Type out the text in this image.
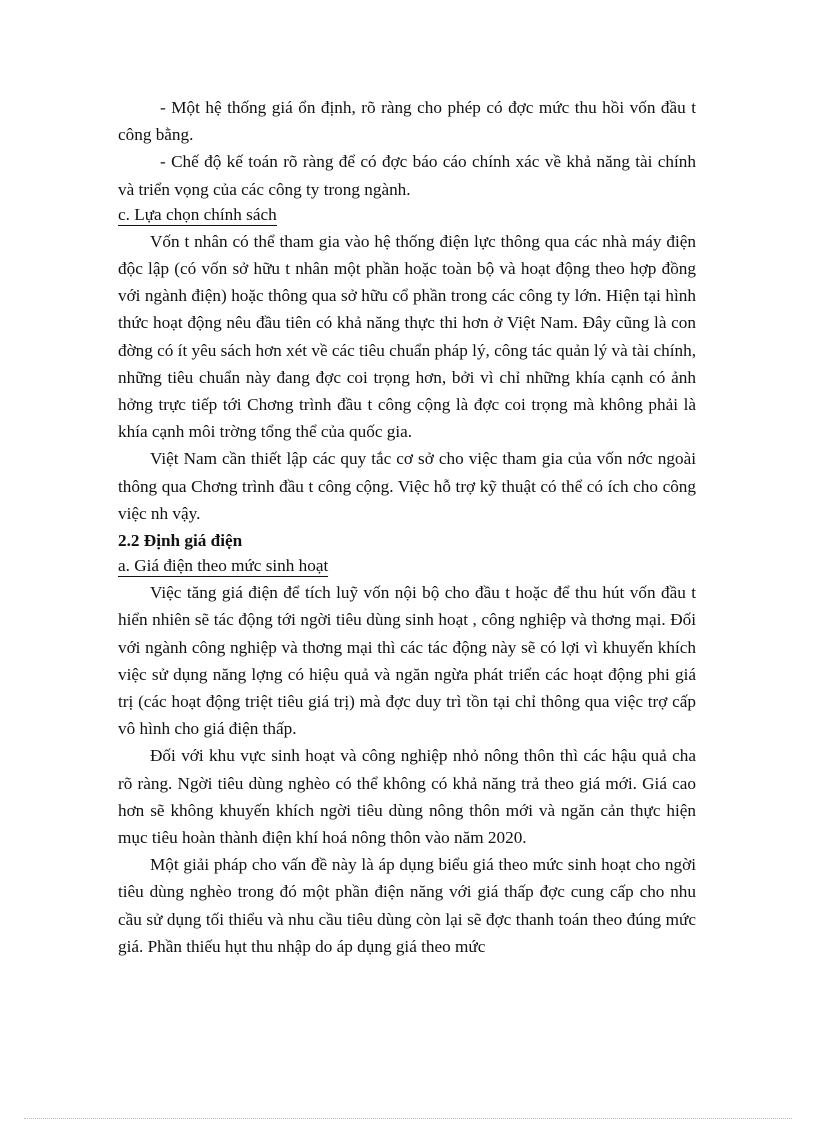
- Một hệ thống giá ổn định, rõ ràng cho phép có đợc mức thu hồi vốn đầu t công bằng.

- Chế độ kế toán rõ ràng để có đợc báo cáo chính xác về khả năng tài chính và triển vọng của các công ty trong ngành.

c. Lựa chọn chính sách

Vốn t nhân có thể tham gia vào hệ thống điện lực thông qua các nhà máy điện độc lập (có vốn sở hữu t nhân một phần hoặc toàn bộ và hoạt động theo hợp đồng với ngành điện) hoặc thông qua sở hữu cổ phần trong các công ty lớn. Hiện tại hình thức hoạt động nêu đầu tiên có khả năng thực thi hơn ở Việt Nam. Đây cũng là con đờng có ít yêu sách hơn xét về các tiêu chuẩn pháp lý, công tác quản lý và tài chính, những tiêu chuẩn này đang đợc coi trọng hơn, bởi vì chỉ những khía cạnh có ảnh hởng trực tiếp tới Chơng trình đầu t công cộng là đợc coi trọng mà không phải là khía cạnh môi trờng tổng thể của quốc gia.

Việt Nam cần thiết lập các quy tắc cơ sở cho việc tham gia của vốn nớc ngoài thông qua Chơng trình đầu t công cộng. Việc hỗ trợ kỹ thuật có thể có ích cho công việc nh vậy.

2.2 Định giá điện

a. Giá điện theo mức sinh hoạt

Việc tăng giá điện để tích luỹ vốn nội bộ cho đầu t hoặc để thu hút vốn đầu t hiển nhiên sẽ tác động tới ngời tiêu dùng sinh hoạt , công nghiệp và thơng mại. Đối với ngành công nghiệp và thơng mại thì các tác động này sẽ có lợi vì khuyến khích việc sử dụng năng lợng có hiệu quả và ngăn ngừa phát triển các hoạt động phi giá trị (các hoạt động triệt tiêu giá trị) mà đợc duy trì tồn tại chỉ thông qua việc trợ cấp vô hình cho giá điện thấp.

Đối với khu vực sinh hoạt và công nghiệp nhỏ nông thôn thì các hậu quả cha rõ ràng. Ngời tiêu dùng nghèo có thể không có khả năng trả theo giá mới. Giá cao hơn sẽ không khuyến khích ngời tiêu dùng nông thôn mới và ngăn cản thực hiện mục tiêu hoàn thành điện khí hoá nông thôn vào năm 2020.

Một giải pháp cho vấn đề này là áp dụng biểu giá theo mức sinh hoạt cho ngời tiêu dùng nghèo trong đó một phần điện năng với giá thấp đợc cung cấp cho nhu cầu sử dụng tối thiểu và nhu cầu tiêu dùng còn lại sẽ đợc thanh toán theo đúng mức giá. Phần thiếu hụt thu nhập do áp dụng giá theo mức
